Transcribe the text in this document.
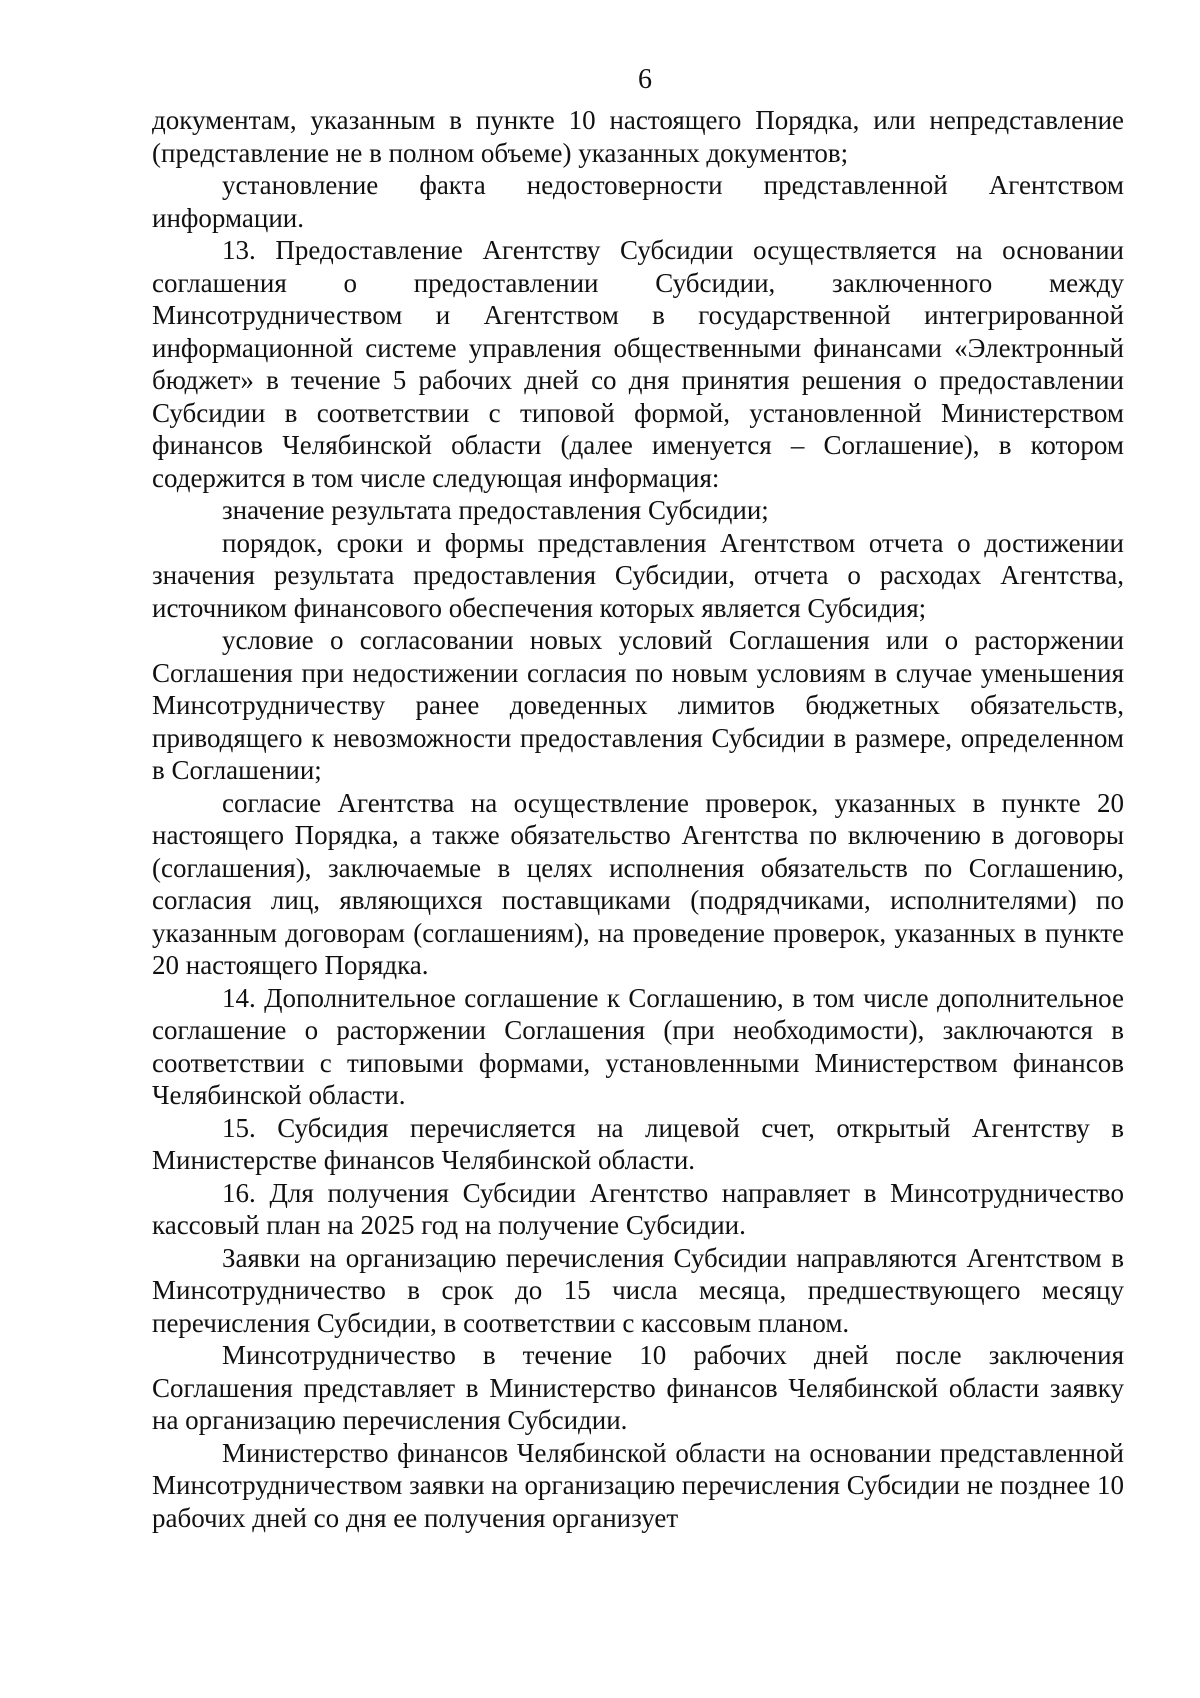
6

документам, указанным в пункте 10 настоящего Порядка, или непредставление (представление не в полном объеме) указанных документов;

установление факта недостоверности представленной Агентством информации.

13. Предоставление Агентству Субсидии осуществляется на основании соглашения о предоставлении Субсидии, заключенного между Минсотрудничеством и Агентством в государственной интегрированной информационной системе управления общественными финансами «Электронный бюджет» в течение 5 рабочих дней со дня принятия решения о предоставлении Субсидии в соответствии с типовой формой, установленной Министерством финансов Челябинской области (далее именуется – Соглашение), в котором содержится в том числе следующая информация:

значение результата предоставления Субсидии;

порядок, сроки и формы представления Агентством отчета о достижении значения результата предоставления Субсидии, отчета о расходах Агентства, источником финансового обеспечения которых является Субсидия;

условие о согласовании новых условий Соглашения или о расторжении Соглашения при недостижении согласия по новым условиям в случае уменьшения Минсотрудничеству ранее доведенных лимитов бюджетных обязательств, приводящего к невозможности предоставления Субсидии в размере, определенном в Соглашении;

согласие Агентства на осуществление проверок, указанных в пункте 20 настоящего Порядка, а также обязательство Агентства по включению в договоры (соглашения), заключаемые в целях исполнения обязательств по Соглашению, согласия лиц, являющихся поставщиками (подрядчиками, исполнителями) по указанным договорам (соглашениям), на проведение проверок, указанных в пункте 20 настоящего Порядка.

14. Дополнительное соглашение к Соглашению, в том числе дополнительное соглашение о расторжении Соглашения (при необходимости), заключаются в соответствии с типовыми формами, установленными Министерством финансов Челябинской области.

15. Субсидия перечисляется на лицевой счет, открытый Агентству в Министерстве финансов Челябинской области.

16. Для получения Субсидии Агентство направляет в Минсотрудничество кассовый план на 2025 год на получение Субсидии.

Заявки на организацию перечисления Субсидии направляются Агентством в Минсотрудничество в срок до 15 числа месяца, предшествующего месяцу перечисления Субсидии, в соответствии с кассовым планом.

Минсотрудничество в течение 10 рабочих дней после заключения Соглашения представляет в Министерство финансов Челябинской области заявку на организацию перечисления Субсидии.

Министерство финансов Челябинской области на основании представленной Минсотрудничеством заявки на организацию перечисления Субсидии не позднее 10 рабочих дней со дня ее получения организует
